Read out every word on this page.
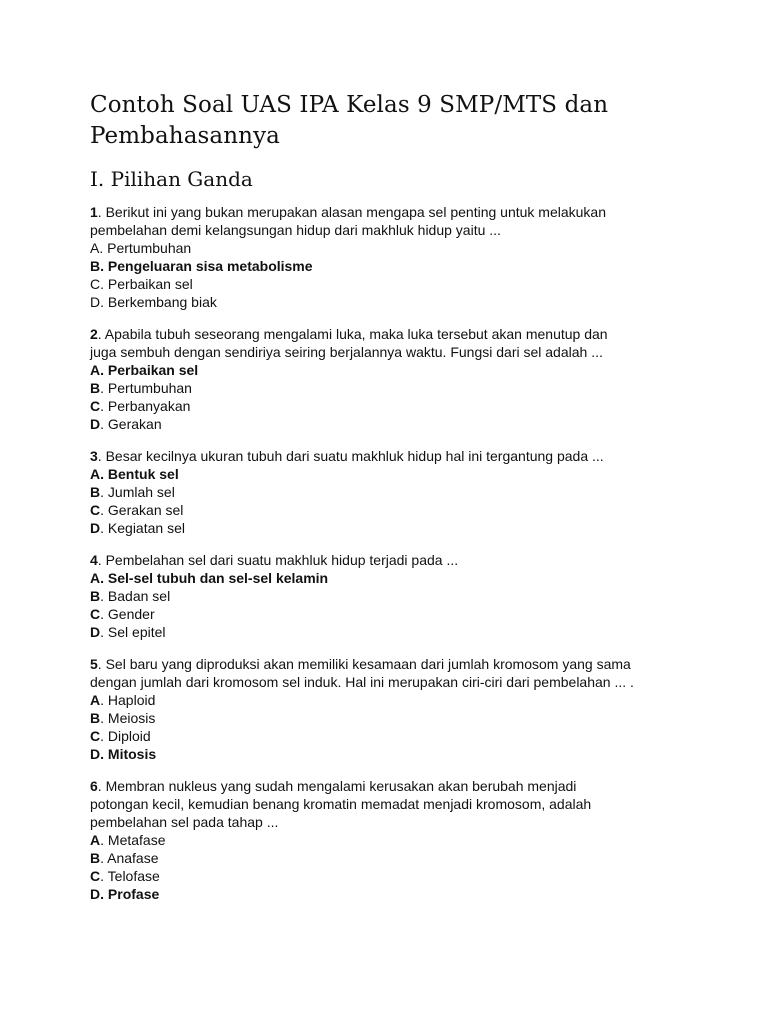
Contoh Soal UAS IPA Kelas 9 SMP/MTS dan
Pembahasannya
I. Pilihan Ganda
1. Berikut ini yang bukan merupakan alasan mengapa sel penting untuk melakukan
pembelahan demi kelangsungan hidup dari makhluk hidup yaitu ...
A. Pertumbuhan
B. Pengeluaran sisa metabolisme
C. Perbaikan sel
D. Berkembang biak
2. Apabila tubuh seseorang mengalami luka, maka luka tersebut akan menutup dan
juga sembuh dengan sendiriya seiring berjalannya waktu. Fungsi dari sel adalah ...
A. Perbaikan sel
B. Pertumbuhan
C. Perbanyakan
D. Gerakan
3. Besar kecilnya ukuran tubuh dari suatu makhluk hidup hal ini tergantung pada ...
A. Bentuk sel
B. Jumlah sel
C. Gerakan sel
D. Kegiatan sel
4. Pembelahan sel dari suatu makhluk hidup terjadi pada ...
A. Sel-sel tubuh dan sel-sel kelamin
B. Badan sel
C. Gender
D. Sel epitel
5. Sel baru yang diproduksi akan memiliki kesamaan dari jumlah kromosom yang sama
dengan jumlah dari kromosom sel induk. Hal ini merupakan ciri-ciri dari pembelahan ... .
A. Haploid
B. Meiosis
C. Diploid
D. Mitosis
6. Membran nukleus yang sudah mengalami kerusakan akan berubah menjadi
potongan kecil, kemudian benang kromatin memadat menjadi kromosom, adalah
pembelahan sel pada tahap ...
A. Metafase
B. Anafase
C. Telofase
D. Profase
